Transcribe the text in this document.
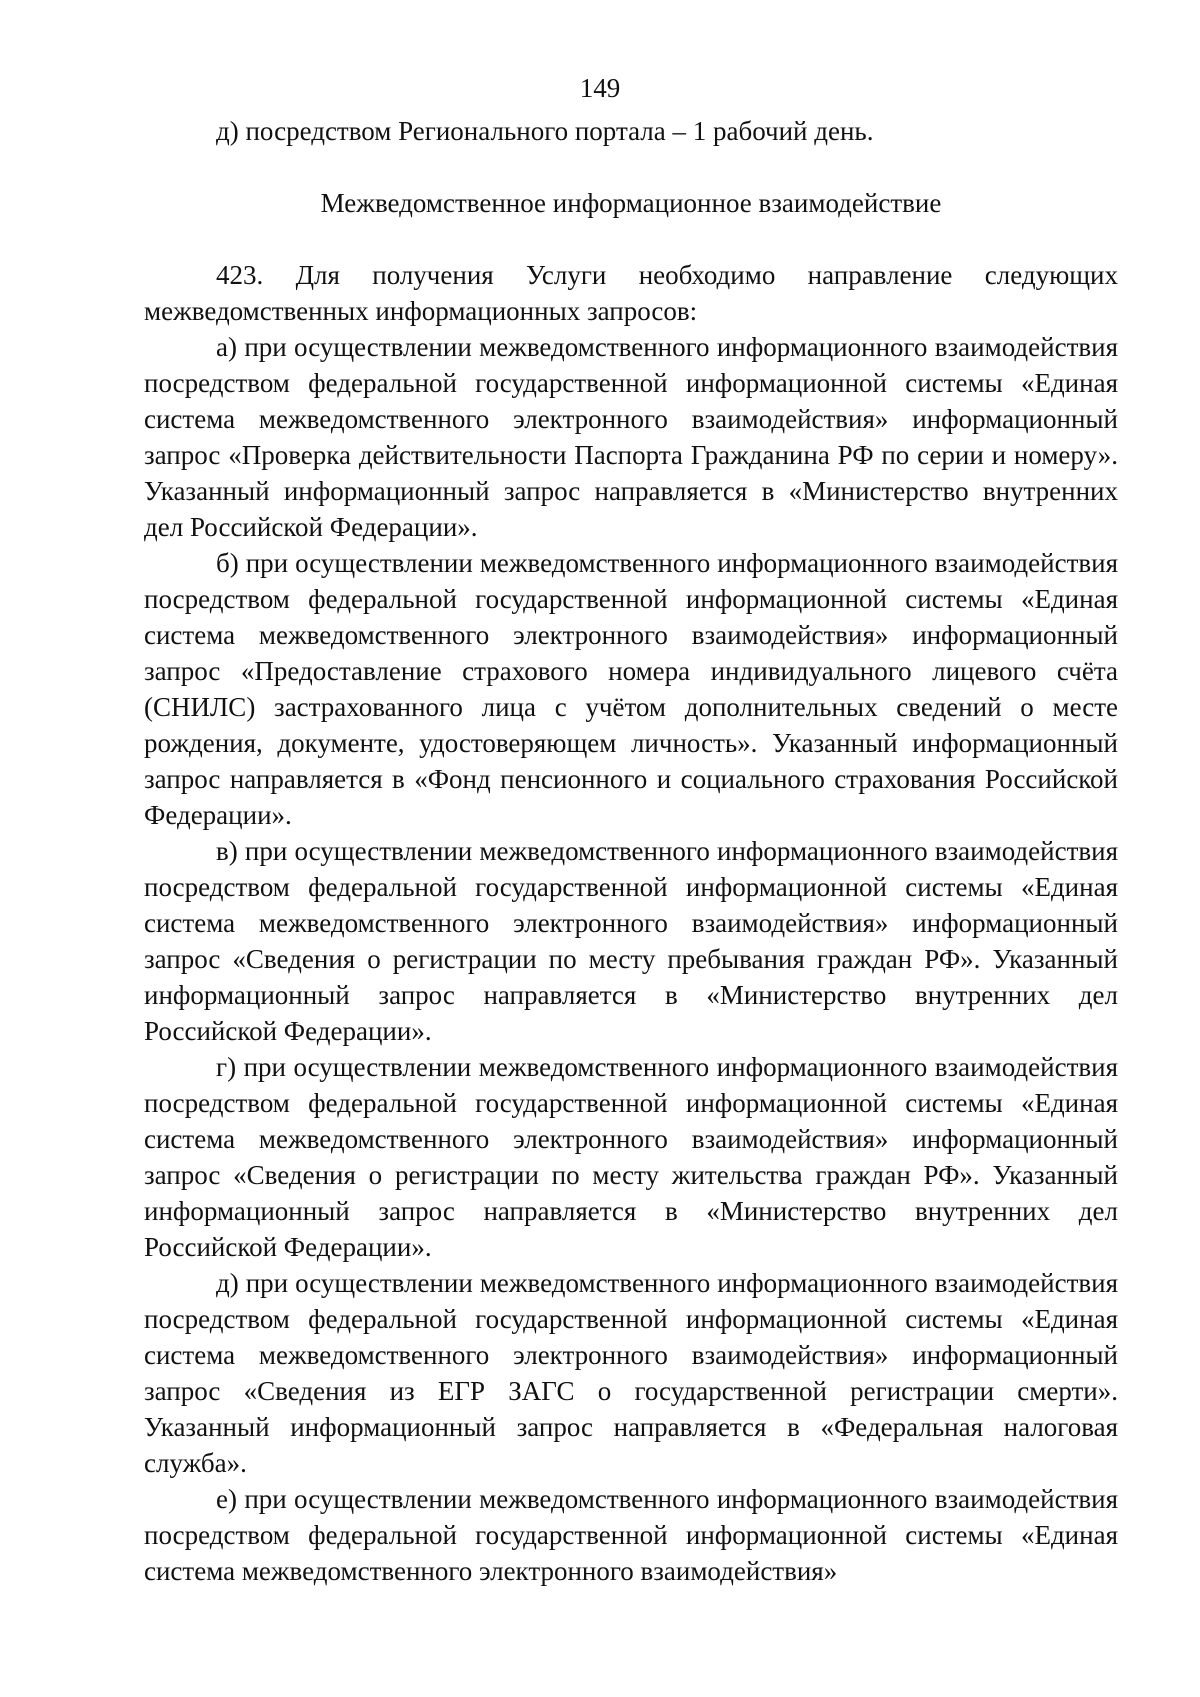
149

д) посредством Регионального портала – 1 рабочий день.

Межведомственное информационное взаимодействие

423. Для получения Услуги необходимо направление следующих межведомственных информационных запросов:

а) при осуществлении межведомственного информационного взаимодействия посредством федеральной государственной информационной системы «Единая система межведомственного электронного взаимодействия» информационный запрос «Проверка действительности Паспорта Гражданина РФ по серии и номеру». Указанный информационный запрос направляется в «Министерство внутренних дел Российской Федерации».

б) при осуществлении межведомственного информационного взаимодействия посредством федеральной государственной информационной системы «Единая система межведомственного электронного взаимодействия» информационный запрос «Предоставление страхового номера индивидуального лицевого счёта (СНИЛС) застрахованного лица с учётом дополнительных сведений о месте рождения, документе, удостоверяющем личность». Указанный информационный запрос направляется в «Фонд пенсионного и социального страхования Российской Федерации».

в) при осуществлении межведомственного информационного взаимодействия посредством федеральной государственной информационной системы «Единая система межведомственного электронного взаимодействия» информационный запрос «Сведения о регистрации по месту пребывания граждан РФ». Указанный информационный запрос направляется в «Министерство внутренних дел Российской Федерации».

г) при осуществлении межведомственного информационного взаимодействия посредством федеральной государственной информационной системы «Единая система межведомственного электронного взаимодействия» информационный запрос «Сведения о регистрации по месту жительства граждан РФ». Указанный информационный запрос направляется в «Министерство внутренних дел Российской Федерации».

д) при осуществлении межведомственного информационного взаимодействия посредством федеральной государственной информационной системы «Единая система межведомственного электронного взаимодействия» информационный запрос «Сведения из ЕГР ЗАГС о государственной регистрации смерти». Указанный информационный запрос направляется в «Федеральная налоговая служба».

е) при осуществлении межведомственного информационного взаимодействия посредством федеральной государственной информационной системы «Единая система межведомственного электронного взаимодействия»
